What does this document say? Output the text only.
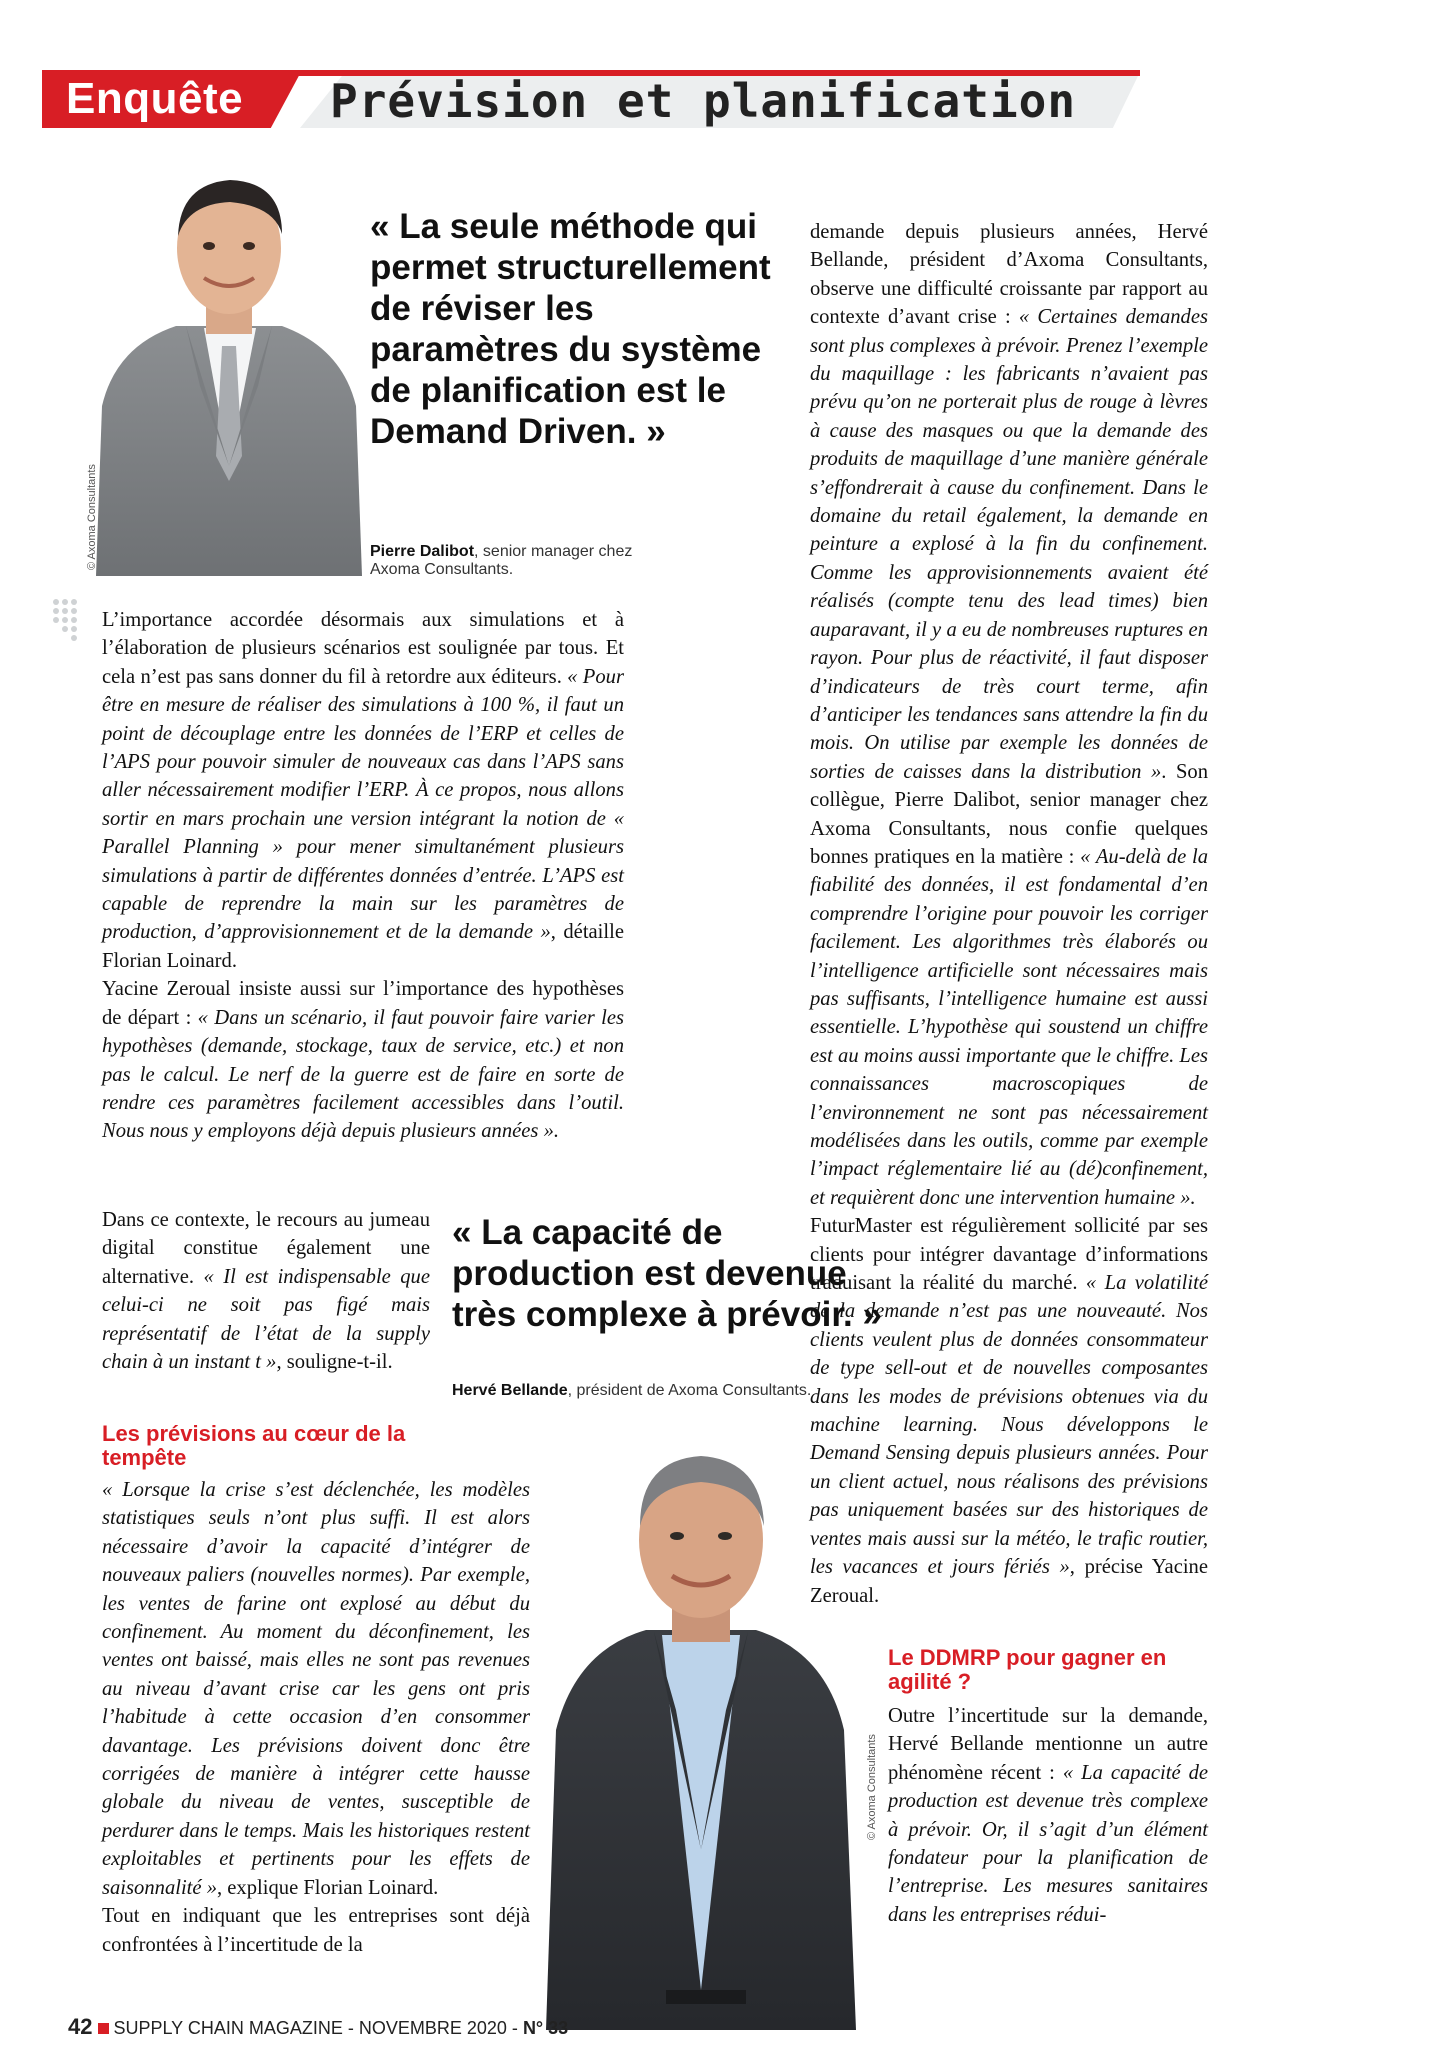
Enquête Prévision et planification
© Axoma Consultants
« La seule méthode qui permet structurellement de réviser les paramètres du système de planification est le Demand Driven. »
Pierre Dalibot, senior manager chez Axoma Consultants.

demande depuis plusieurs années, Hervé Bellande, président d’Axoma Consultants, observe une difficulté croissante par rapport au contexte d’avant crise : « Certaines demandes sont plus complexes à prévoir. Prenez l’exemple du maquillage : les fabricants n’avaient pas prévu qu’on ne porterait plus de rouge à lèvres à cause des masques ou que la demande des produits de maquillage d’une manière générale s’effondrerait à cause du confinement. Dans le domaine du retail également, la demande en peinture a explosé à la fin du confinement. Comme les approvisionnements avaient été réalisés (compte tenu des lead times) bien auparavant, il y a eu de nombreuses ruptures en rayon. Pour plus de réactivité, il faut disposer d’indicateurs de très court terme, afin d’anticiper les tendances sans attendre la fin du mois. On utilise par exemple les données de sorties de caisses dans la distribution ». Son collègue, Pierre Dalibot, senior manager chez Axoma Consultants, nous confie quelques bonnes pratiques en la matière : « Au-delà de la fiabilité des données, il est fondamental d’en comprendre l’origine pour pouvoir les corriger facilement. Les algorithmes très élaborés ou l’intelligence artificielle sont nécessaires mais pas suffisants, l’intelligence humaine est aussi essentielle. L’hypothèse qui soustend un chiffre est au moins aussi importante que le chiffre. Les connaissances macroscopiques de l’environnement ne sont pas nécessairement modélisées dans les outils, comme par exemple l’impact réglementaire lié au (dé)confinement, et requièrent donc une intervention humaine ».

FuturMaster est régulièrement sollicité par ses clients pour intégrer davantage d’informations traduisant la réalité du marché. « La volatilité de la demande n’est pas une nouveauté. Nos clients veulent plus de données consommateur de type sell-out et de nouvelles composantes dans les modes de prévisions obtenues via du machine learning. Nous développons le Demand Sensing depuis plusieurs années. Pour un client actuel, nous réalisons des prévisions pas uniquement basées sur des historiques de ventes mais aussi sur la météo, le trafic routier, les vacances et jours fériés », précise Yacine Zeroual.

L’importance accordée désormais aux simulations et à l’élaboration de plusieurs scénarios est soulignée par tous. Et cela n’est pas sans donner du fil à retordre aux éditeurs. « Pour être en mesure de réaliser des simulations à 100 %, il faut un point de découplage entre les données de l’ERP et celles de l’APS pour pouvoir simuler de nouveaux cas dans l’APS sans aller nécessairement modifier l’ERP. À ce propos, nous allons sortir en mars prochain une version intégrant la notion de « Parallel Planning » pour mener simultanément plusieurs simulations à partir de différentes données d’entrée. L’APS est capable de reprendre la main sur les paramètres de production, d’approvisionnement et de la demande », détaille Florian Loinard.

Yacine Zeroual insiste aussi sur l’importance des hypothèses de départ : « Dans un scénario, il faut pouvoir faire varier les hypothèses (demande, stockage, taux de service, etc.) et non pas le calcul. Le nerf de la guerre est de faire en sorte de rendre ces paramètres facilement accessibles dans l’outil. Nous nous y employons déjà depuis plusieurs années ».

Dans ce contexte, le recours au jumeau digital constitue également une alternative. « Il est indispensable que celui-ci ne soit pas figé mais représentatif de l’état de la supply chain à un instant t », souligne-t-il.

« La capacité de production est devenue très complexe à prévoir. »
Hervé Bellande, président de Axoma Consultants.
Les prévisions au cœur de la tempête

« Lorsque la crise s’est déclenchée, les modèles statistiques seuls n’ont plus suffi. Il est alors nécessaire d’avoir la capacité d’intégrer de nouveaux paliers (nouvelles normes). Par exemple, les ventes de farine ont explosé au début du confinement. Au moment du déconfinement, les ventes ont baissé, mais elles ne sont pas revenues au niveau d’avant crise car les gens ont pris l’habitude à cette occasion d’en consommer davantage. Les prévisions doivent donc être corrigées de manière à intégrer cette hausse globale du niveau de ventes, susceptible de perdurer dans le temps. Mais les historiques restent exploitables et pertinents pour les effets de saisonnalité », explique Florian Loinard.

Tout en indiquant que les entreprises sont déjà confrontées à l’incertitude de la

© Axoma Consultants
Le DDMRP pour gagner en agilité ?

Outre l’incertitude sur la demande, Hervé Bellande mentionne un autre phénomène récent : « La capacité de production est devenue très complexe à prévoir. Or, il s’agit d’un élément fondateur pour la planification de l’entreprise. Les mesures sanitaires dans les entreprises rédui-

42 SUPPLY CHAIN MAGAZINE - NOVEMBRE 2020 - N° 33
